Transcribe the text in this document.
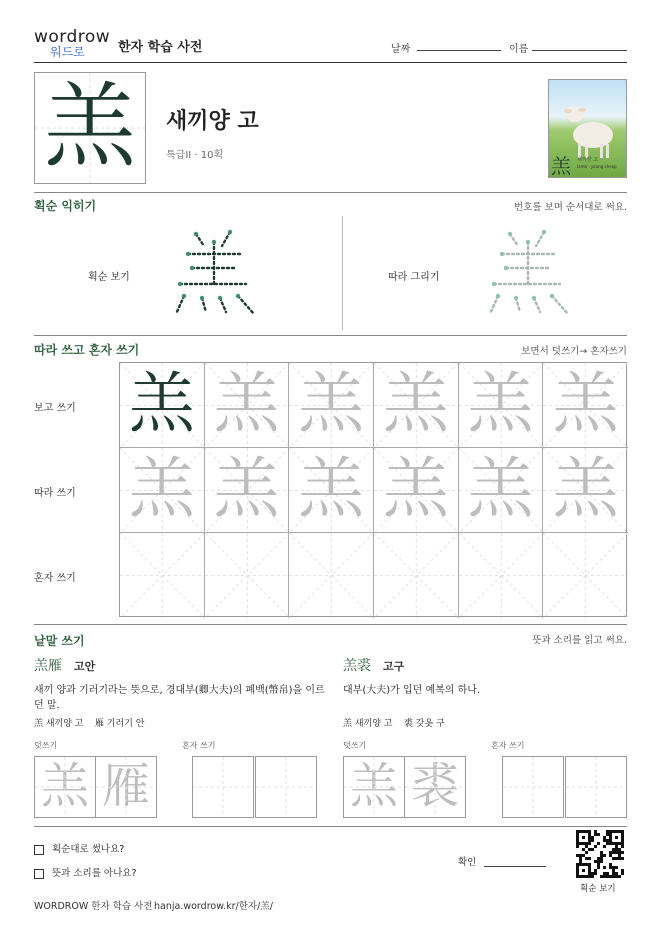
wordrow
워드로	한자 학습 사전	날짜	이름
羔	새끼양 고
특급II · 10획	羔 새끼양 고
lamb · young sheep
획순 익히기	번호를 보며 순서대로 써요.
획순 보기	따라 그리기
따라 쓰고 혼자 쓰기	보면서 덧쓰기→ 혼자쓰기
보고 쓰기
따라 쓰기
혼자 쓰기
羔 羔 羔 羔 羔 羔
羔 羔 羔 羔 羔 羔
낱말 쓰기	뜻과 소리를 읽고 써요.
羔雁 고안
새끼 양과 기러기라는 뜻으로, 경대부(卿大夫)의 폐백(幣帛)을 이르던 말.
羔 새끼양 고    雁 기러기 안
덧쓰기	혼자 쓰기
羔 雁
羔裘 고구
대부(大夫)가 입던 예복의 하나.
羔 새끼양 고    裘 갖옷 구
덧쓰기	혼자 쓰기
羔 裘
획순대로 썼나요?
뜻과 소리를 아나요?
확인
획순 보기
WORDROW 한자 학습 사전 hanja.wordrow.kr/한자/羔/
